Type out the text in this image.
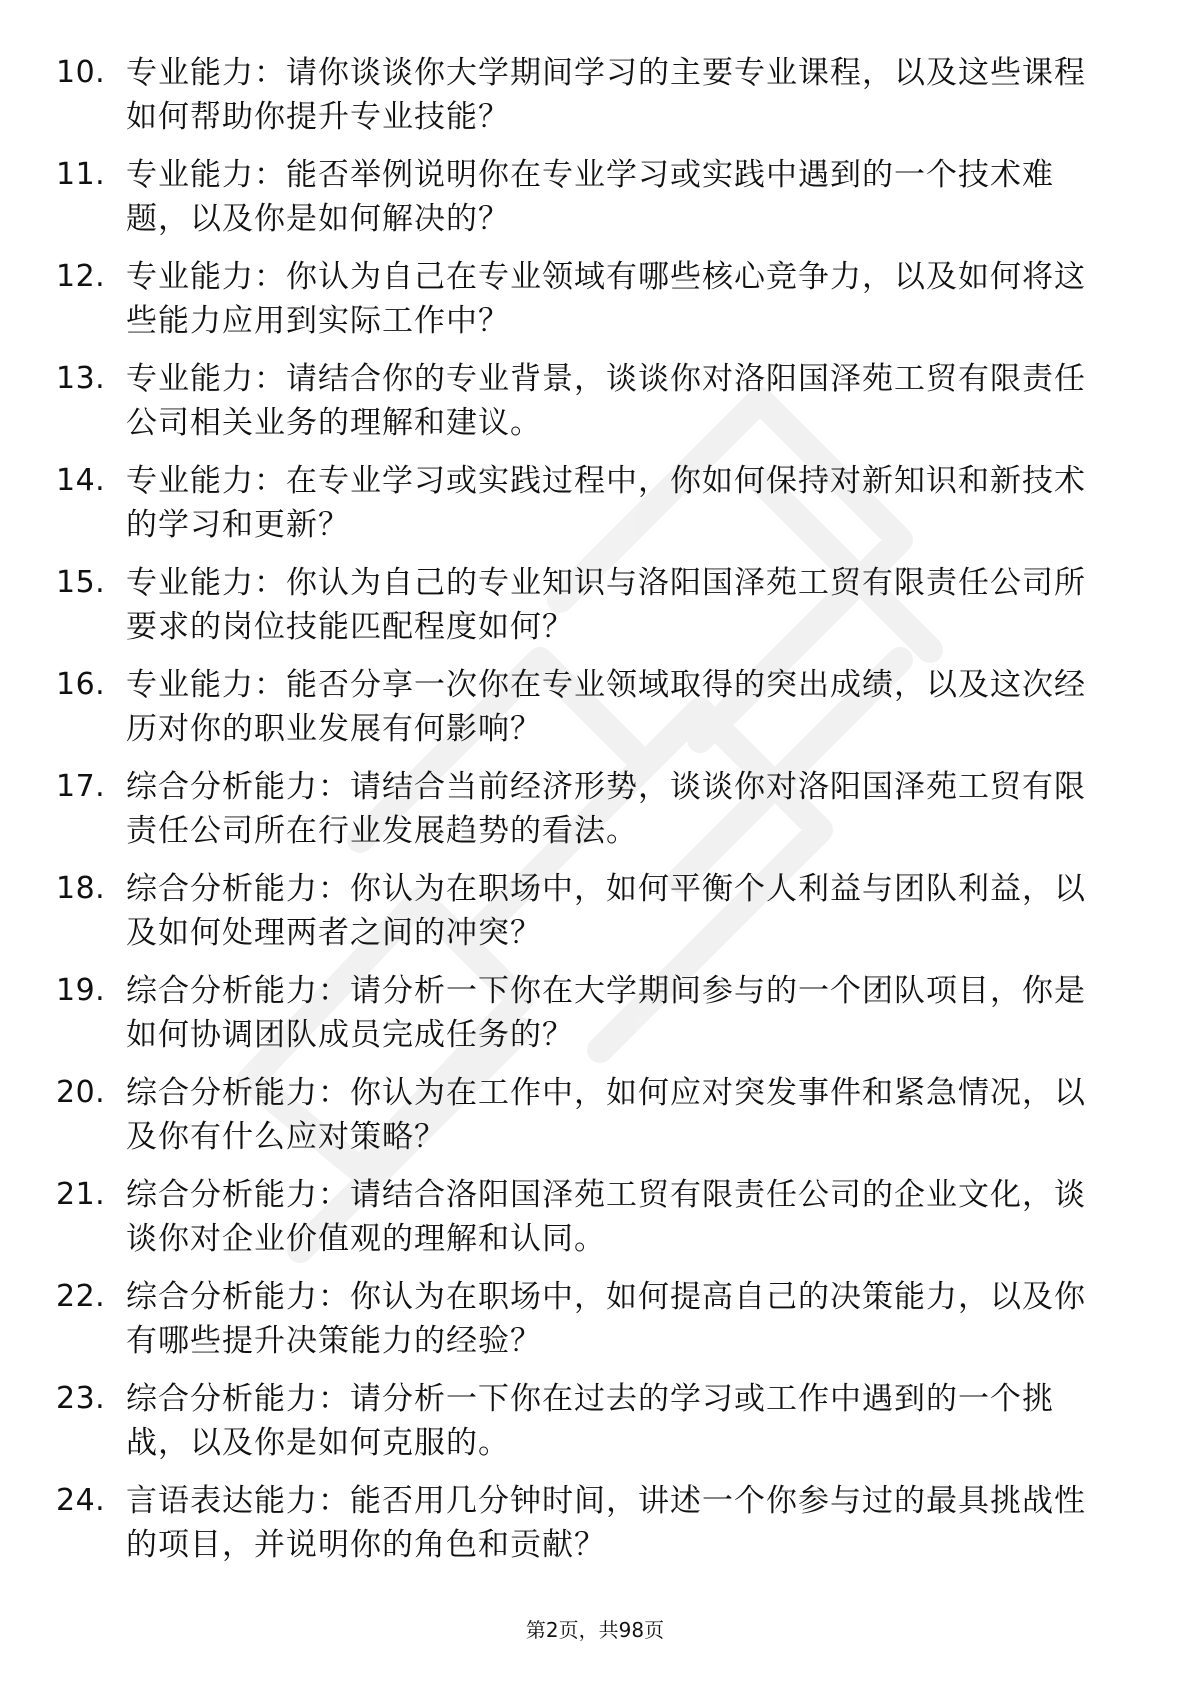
10. 专业能力：请你谈谈你大学期间学习的主要专业课程，以及这些课程如何帮助你提升专业技能？
11. 专业能力：能否举例说明你在专业学习或实践中遇到的一个技术难题，以及你是如何解决的？
12. 专业能力：你认为自己在专业领域有哪些核心竞争力，以及如何将这些能力应用到实际工作中？
13. 专业能力：请结合你的专业背景，谈谈你对洛阳国泽苑工贸有限责任公司相关业务的理解和建议。
14. 专业能力：在专业学习或实践过程中，你如何保持对新知识和新技术的学习和更新？
15. 专业能力：你认为自己的专业知识与洛阳国泽苑工贸有限责任公司所要求的岗位技能匹配程度如何？
16. 专业能力：能否分享一次你在专业领域取得的突出成绩，以及这次经历对你的职业发展有何影响？
17. 综合分析能力：请结合当前经济形势，谈谈你对洛阳国泽苑工贸有限责任公司所在行业发展趋势的看法。
18. 综合分析能力：你认为在职场中，如何平衡个人利益与团队利益，以及如何处理两者之间的冲突？
19. 综合分析能力：请分析一下你在大学期间参与的一个团队项目，你是如何协调团队成员完成任务的？
20. 综合分析能力：你认为在工作中，如何应对突发事件和紧急情况，以及你有什么应对策略？
21. 综合分析能力：请结合洛阳国泽苑工贸有限责任公司的企业文化，谈谈你对企业价值观的理解和认同。
22. 综合分析能力：你认为在职场中，如何提高自己的决策能力，以及你有哪些提升决策能力的经验？
23. 综合分析能力：请分析一下你在过去的学习或工作中遇到的一个挑战，以及你是如何克服的。
24. 言语表达能力：能否用几分钟时间，讲述一个你参与过的最具挑战性的项目，并说明你的角色和贡献？
第2页，共98页
